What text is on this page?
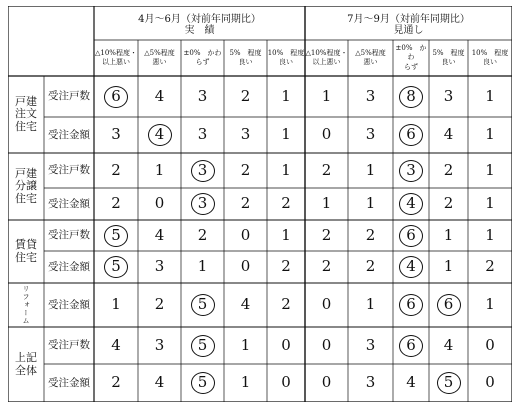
4月～6月（対前年同期比）
実　績
7月～9月（対前年同期比）
見通し
△10%程度・
以上悪い
△5%程度
悪い
±0%　かわ
らず
5%　程度
良い
10%　程度
良い
△10%程度・
以上悪い
△5%程度
悪い
±0%　かわ
らず
5%　程度
良い
10%　程度
良い
戸建
注文
住宅
戸建
分譲
住宅
賃貸
住宅
リフォーム
上記
全体
受注戸数 6 4 3 2 1 1 3 8 3 1
受注金額 3 4 3 3 1 0 3 6 4 1
受注戸数 2 1 3 2 1 2 1 3 2 1
受注金額 2 0 3 2 2 1 1 4 2 1
受注戸数 5 4 2 0 1 2 2 6 1 1
受注金額 5 3 1 0 2 2 2 4 1 2
受注金額 1 2 5 4 2 0 1 6 6 1
受注戸数 4 3 5 1 0 0 3 6 4 0
受注金額 2 4 5 1 0 0 3 4 5 0
